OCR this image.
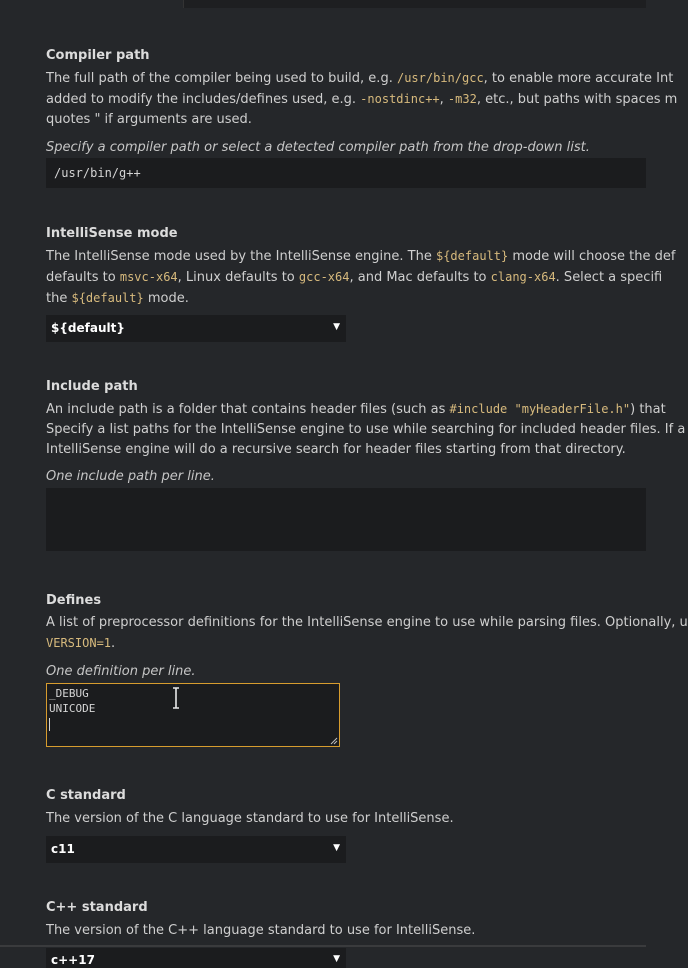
Compiler path
The full path of the compiler being used to build, e.g. /usr/bin/gcc, to enable more accurate Int
added to modify the includes/defines used, e.g. -nostdinc++, -m32, etc., but paths with spaces m
quotes " if arguments are used.
Specify a compiler path or select a detected compiler path from the drop-down list.
/usr/bin/g++
IntelliSense mode
The IntelliSense mode used by the IntelliSense engine. The ${default} mode will choose the def
defaults to msvc-x64, Linux defaults to gcc-x64, and Mac defaults to clang-x64. Select a specifi
the ${default} mode.
${default}	▼
Include path
An include path is a folder that contains header files (such as #include "myHeaderFile.h") that
Specify a list paths for the IntelliSense engine to use while searching for included header files. If a
IntelliSense engine will do a recursive search for header files starting from that directory.
One include path per line.
Defines
A list of preprocessor definitions for the IntelliSense engine to use while parsing files. Optionally, u
VERSION=1.
One definition per line.
_DEBUG
UNICODE
C standard
The version of the C language standard to use for IntelliSense.
c11	▼
C++ standard
The version of the C++ language standard to use for IntelliSense.
c++17	▼
